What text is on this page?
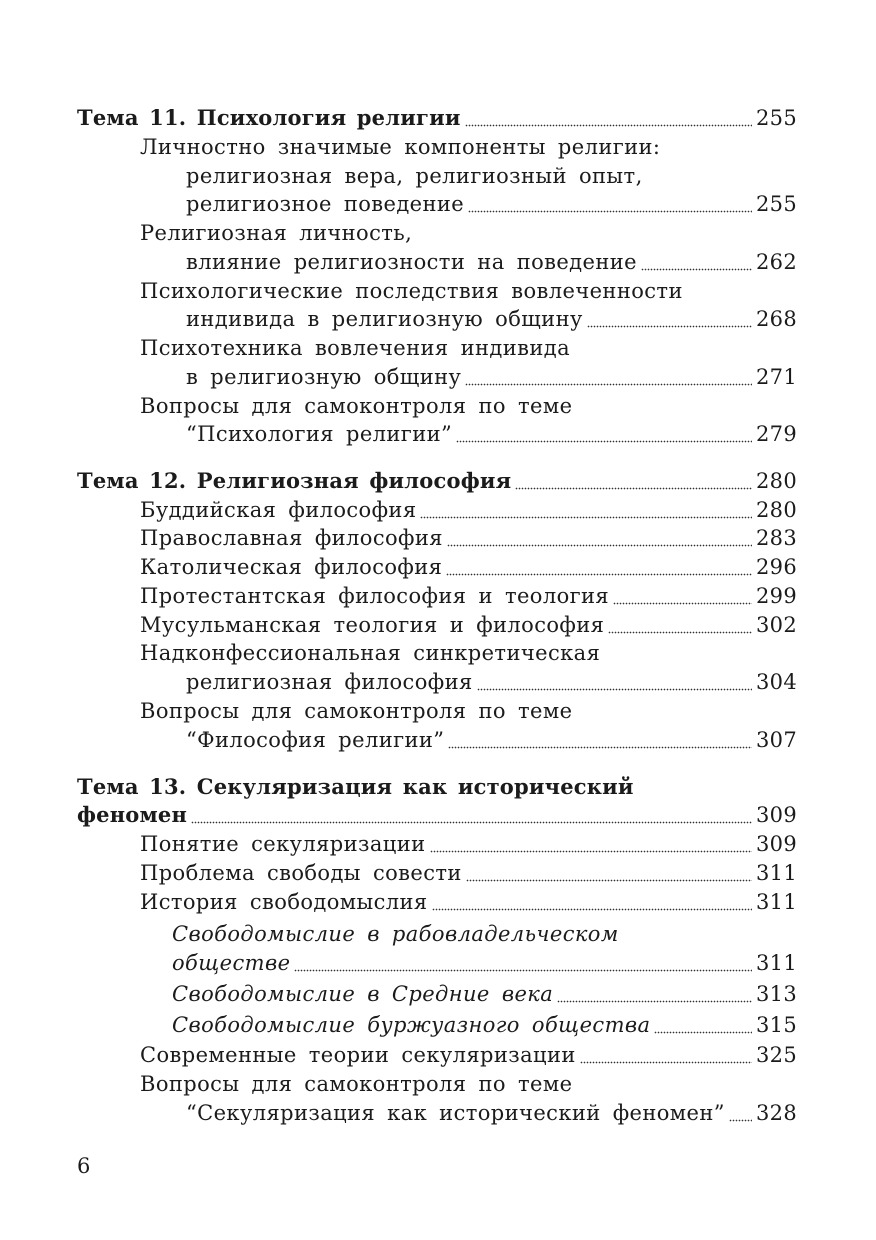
Тема 11. Психология религии	255
Личностно значимые компоненты религии:
религиозная вера, религиозный опыт,
религиозное поведение	255
Религиозная личность,
влияние религиозности на поведение	262
Психологические последствия вовлеченности
индивида в религиозную общину	268
Психотехника вовлечения индивида
в религиозную общину	271
Вопросы для самоконтроля по теме
“Психология религии”	279
Тема 12. Религиозная философия	280
Буддийская философия	280
Православная философия	283
Католическая философия	296
Протестантская философия и теология	299
Мусульманская теология и философия	302
Надконфессиональная синкретическая
религиозная философия	304
Вопросы для самоконтроля по теме
“Философия религии”	307
Тема 13. Секуляризация как исторический
феномен	309
Понятие секуляризации	309
Проблема свободы совести	311
История свободомыслия	311
Свободомыслие в рабовладельческом
обществе	311
Свободомыслие в Средние века	313
Свободомыслие буржуазного общества	315
Современные теории секуляризации	325
Вопросы для самоконтроля по теме
“Секуляризация как исторический феномен” 328
6
